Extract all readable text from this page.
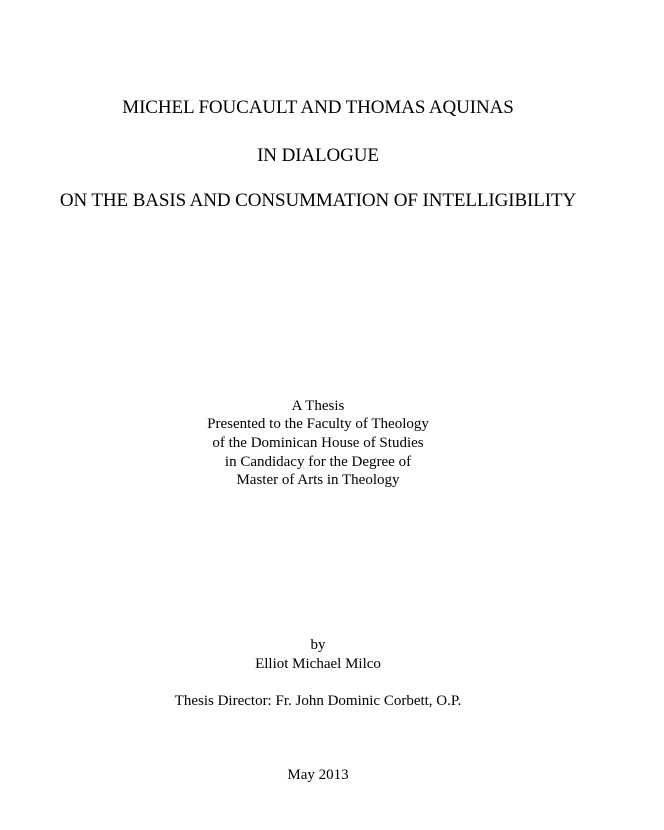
MICHEL FOUCAULT AND THOMAS AQUINAS
IN DIALOGUE
ON THE BASIS AND CONSUMMATION OF INTELLIGIBILITY
A Thesis
Presented to the Faculty of Theology
of the Dominican House of Studies
in Candidacy for the Degree of
Master of Arts in Theology
by
Elliot Michael Milco
Thesis Director: Fr. John Dominic Corbett, O.P.
May 2013
